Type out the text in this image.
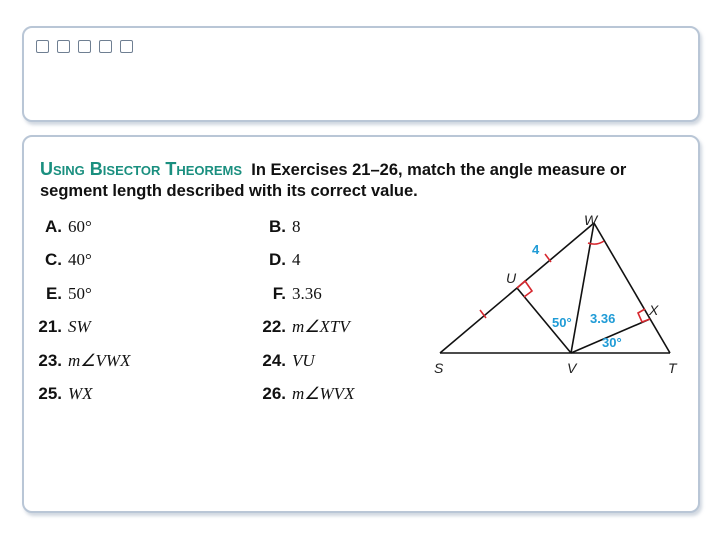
Using Bisector Theorems In Exercises 21–26, match the angle measure or segment length described with its correct value.
A. 60°	B. 8
C. 40°	D. 4
E. 50°	F. 3.36
21. SW	22. m∠XTV
23. m∠VWX	24. VU
25. WX	26. m∠WVX
S	V	T
W
U
X
4
50° 3.36
30°
